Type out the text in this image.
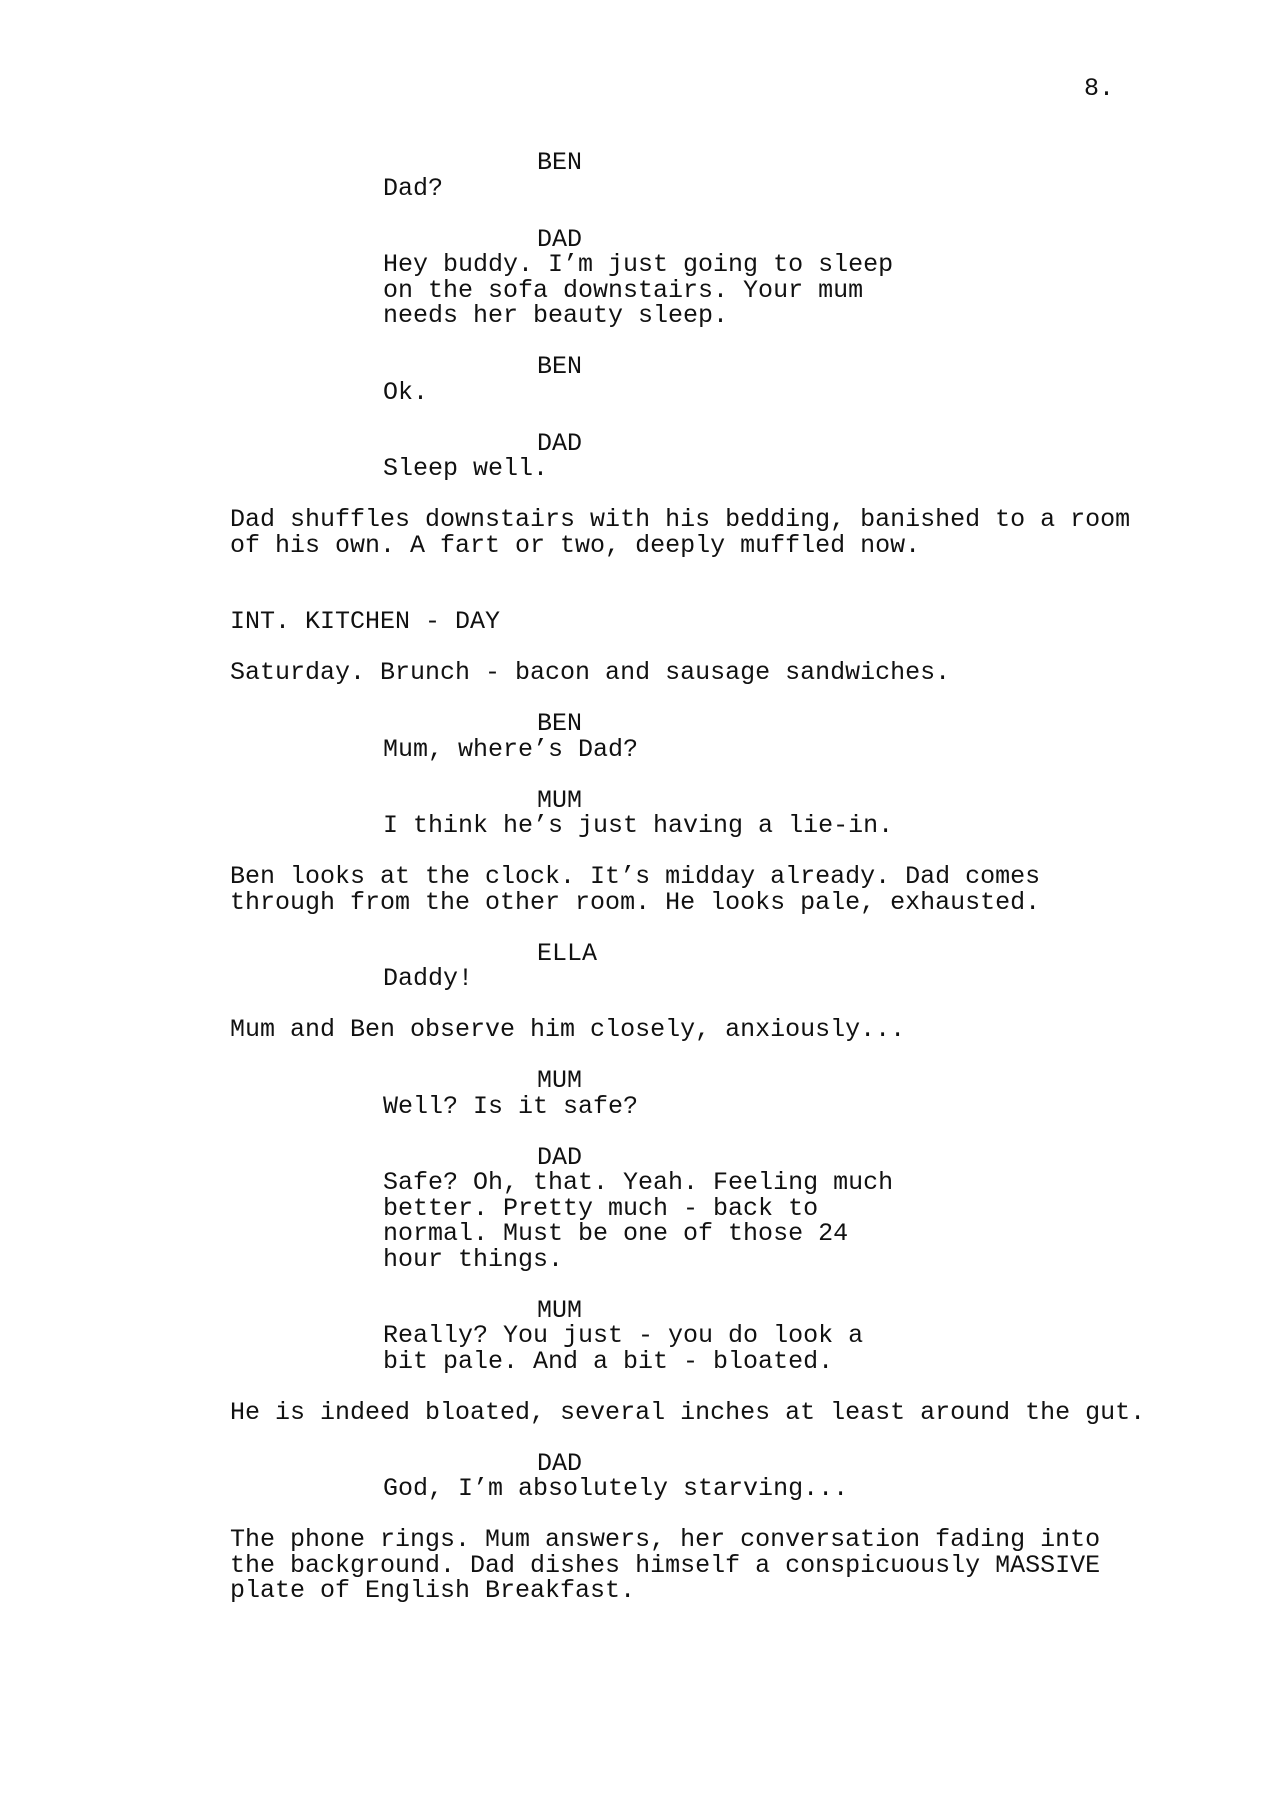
8.
BEN
Dad?
DAD
Hey buddy. I’m just going to sleep
on the sofa downstairs. Your mum
needs her beauty sleep.
BEN
Ok.
DAD
Sleep well.
Dad shuffles downstairs with his bedding, banished to a room
of his own. A fart or two, deeply muffled now.
INT. KITCHEN - DAY
Saturday. Brunch - bacon and sausage sandwiches.
BEN
Mum, where’s Dad?
MUM
I think he’s just having a lie-in.
Ben looks at the clock. It’s midday already. Dad comes
through from the other room. He looks pale, exhausted.
ELLA
Daddy!
Mum and Ben observe him closely, anxiously...
MUM
Well? Is it safe?
DAD
Safe? Oh, that. Yeah. Feeling much
better. Pretty much - back to
normal. Must be one of those 24
hour things.
MUM
Really? You just - you do look a
bit pale. And a bit - bloated.
He is indeed bloated, several inches at least around the gut.
DAD
God, I’m absolutely starving...
The phone rings. Mum answers, her conversation fading into
the background. Dad dishes himself a conspicuously MASSIVE
plate of English Breakfast.
